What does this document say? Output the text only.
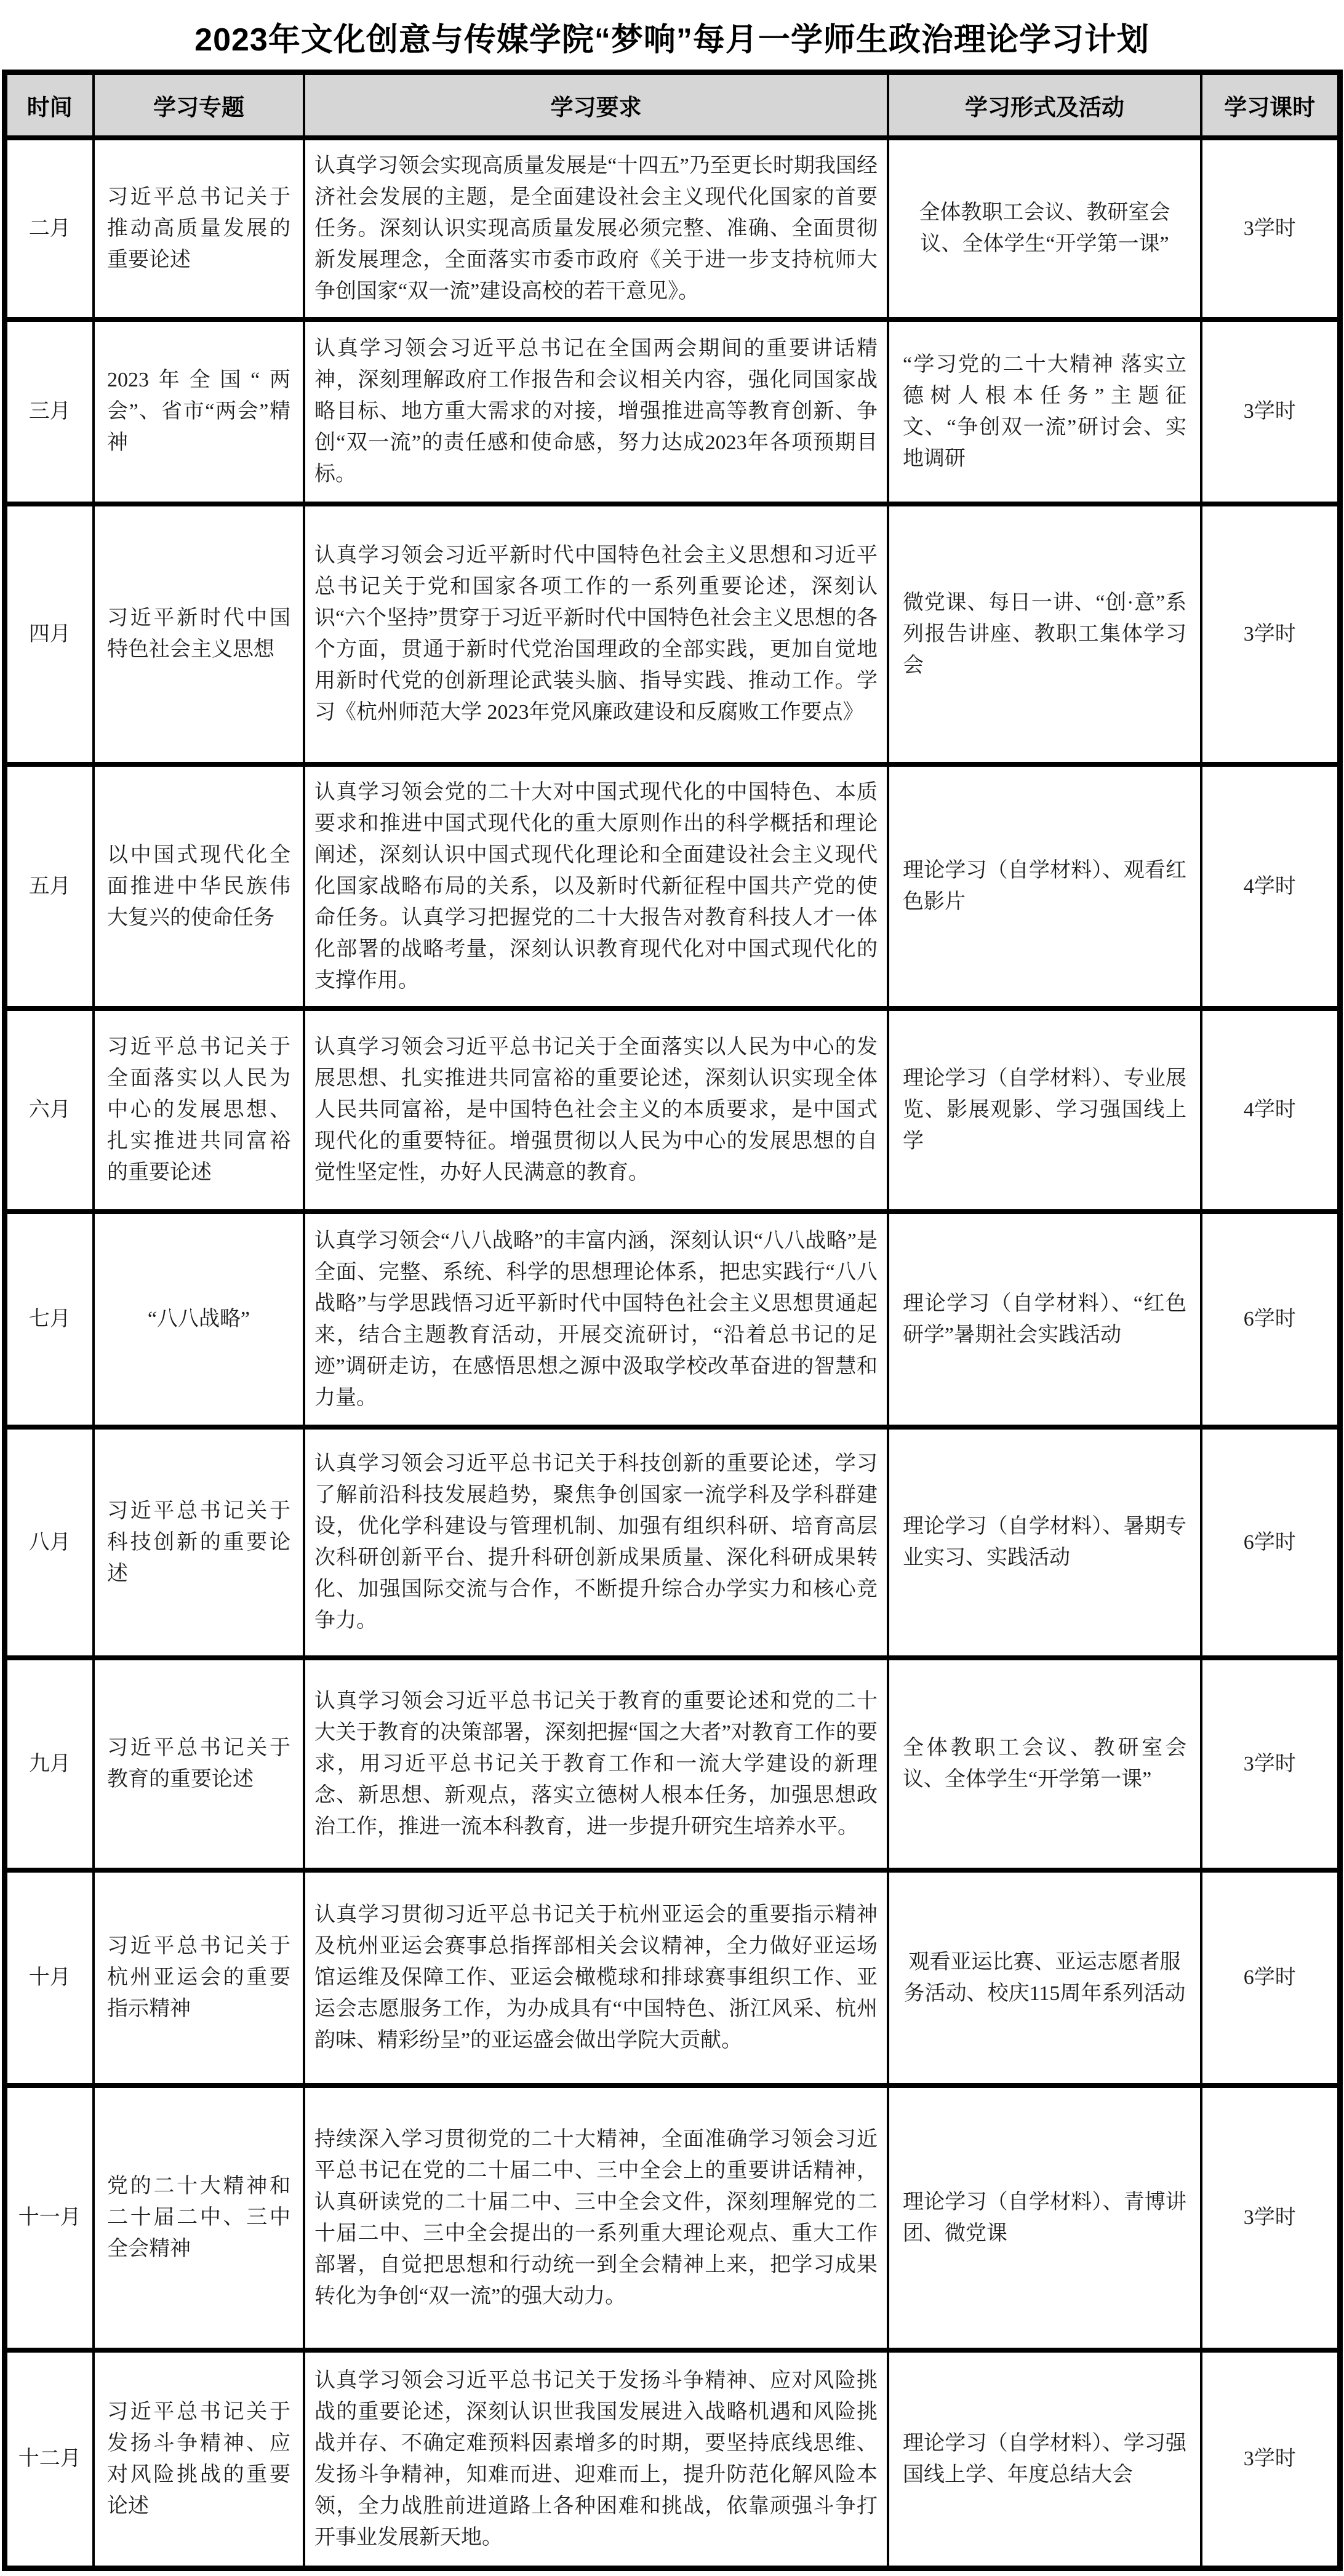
2023年文化创意与传媒学院“梦响”每月一学师生政治理论学习计划
时间	学习专题	学习要求	学习形式及活动	学习课时
二月	习近平总书记关于推动高质量发展的重要论述	认真学习领会实现高质量发展是“十四五”乃至更长时期我国经济社会发展的主题，是全面建设社会主义现代化国家的首要任务。深刻认识实现高质量发展必须完整、准确、全面贯彻新发展理念，全面落实市委市政府《关于进一步支持杭师大争创国家“双一流”建设高校的若干意见》。	全体教职工会议、教研室会议、全体学生“开学第一课”	3学时
三月	2023年全国“两会”、省市“两会”精神	认真学习领会习近平总书记在全国两会期间的重要讲话精神，深刻理解政府工作报告和会议相关内容，强化同国家战略目标、地方重大需求的对接，增强推进高等教育创新、争创“双一流”的责任感和使命感，努力达成2023年各项预期目标。	“学习党的二十大精神 落实立德树人根本任务”主题征文、“争创双一流”研讨会、实地调研	3学时
四月	习近平新时代中国特色社会主义思想	认真学习领会习近平新时代中国特色社会主义思想和习近平总书记关于党和国家各项工作的一系列重要论述，深刻认识“六个坚持”贯穿于习近平新时代中国特色社会主义思想的各个方面，贯通于新时代党治国理政的全部实践，更加自觉地用新时代党的创新理论武装头脑、指导实践、推动工作。学习《杭州师范大学 2023年党风廉政建设和反腐败工作要点》	微党课、每日一讲、“创·意”系列报告讲座、教职工集体学习会	3学时
五月	以中国式现代化全面推进中华民族伟大复兴的使命任务	认真学习领会党的二十大对中国式现代化的中国特色、本质要求和推进中国式现代化的重大原则作出的科学概括和理论阐述，深刻认识中国式现代化理论和全面建设社会主义现代化国家战略布局的关系，以及新时代新征程中国共产党的使命任务。认真学习把握党的二十大报告对教育科技人才一体化部署的战略考量，深刻认识教育现代化对中国式现代化的支撑作用。	理论学习（自学材料）、观看红色影片	4学时
六月	习近平总书记关于全面落实以人民为中心的发展思想、扎实推进共同富裕的重要论述	认真学习领会习近平总书记关于全面落实以人民为中心的发展思想、扎实推进共同富裕的重要论述，深刻认识实现全体人民共同富裕，是中国特色社会主义的本质要求，是中国式现代化的重要特征。增强贯彻以人民为中心的发展思想的自觉性坚定性，办好人民满意的教育。	理论学习（自学材料）、专业展览、影展观影、学习强国线上学	4学时
七月	“八八战略”	认真学习领会“八八战略”的丰富内涵，深刻认识“八八战略”是全面、完整、系统、科学的思想理论体系，把忠实践行“八八战略”与学思践悟习近平新时代中国特色社会主义思想贯通起来，结合主题教育活动，开展交流研讨，“沿着总书记的足迹”调研走访，在感悟思想之源中汲取学校改革奋进的智慧和力量。	理论学习（自学材料）、“红色研学”暑期社会实践活动	6学时
八月	习近平总书记关于科技创新的重要论述	认真学习领会习近平总书记关于科技创新的重要论述，学习了解前沿科技发展趋势，聚焦争创国家一流学科及学科群建设，优化学科建设与管理机制、加强有组织科研、培育高层次科研创新平台、提升科研创新成果质量、深化科研成果转化、加强国际交流与合作，不断提升综合办学实力和核心竞争力。	理论学习（自学材料）、暑期专业实习、实践活动	6学时
九月	习近平总书记关于教育的重要论述	认真学习领会习近平总书记关于教育的重要论述和党的二十大关于教育的决策部署，深刻把握“国之大者”对教育工作的要求，用习近平总书记关于教育工作和一流大学建设的新理念、新思想、新观点，落实立德树人根本任务，加强思想政治工作，推进一流本科教育，进一步提升研究生培养水平。	全体教职工会议、教研室会议、全体学生“开学第一课”	3学时
十月	习近平总书记关于杭州亚运会的重要指示精神	认真学习贯彻习近平总书记关于杭州亚运会的重要指示精神及杭州亚运会赛事总指挥部相关会议精神，全力做好亚运场馆运维及保障工作、亚运会橄榄球和排球赛事组织工作、亚运会志愿服务工作，为办成具有“中国特色、浙江风采、杭州韵味、精彩纷呈”的亚运盛会做出学院大贡献。	观看亚运比赛、亚运志愿者服务活动、校庆115周年系列活动	6学时
十一月	党的二十大精神和二十届二中、三中全会精神	持续深入学习贯彻党的二十大精神，全面准确学习领会习近平总书记在党的二十届二中、三中全会上的重要讲话精神，认真研读党的二十届二中、三中全会文件，深刻理解党的二十届二中、三中全会提出的一系列重大理论观点、重大工作部署，自觉把思想和行动统一到全会精神上来，把学习成果转化为争创“双一流”的强大动力。	理论学习（自学材料）、青博讲团、微党课	3学时
十二月	习近平总书记关于发扬斗争精神、应对风险挑战的重要论述	认真学习领会习近平总书记关于发扬斗争精神、应对风险挑战的重要论述，深刻认识世我国发展进入战略机遇和风险挑战并存、不确定难预料因素增多的时期，要坚持底线思维、发扬斗争精神，知难而进、迎难而上，提升防范化解风险本领，全力战胜前进道路上各种困难和挑战，依靠顽强斗争打开事业发展新天地。	理论学习（自学材料）、学习强国线上学、年度总结大会	3学时
